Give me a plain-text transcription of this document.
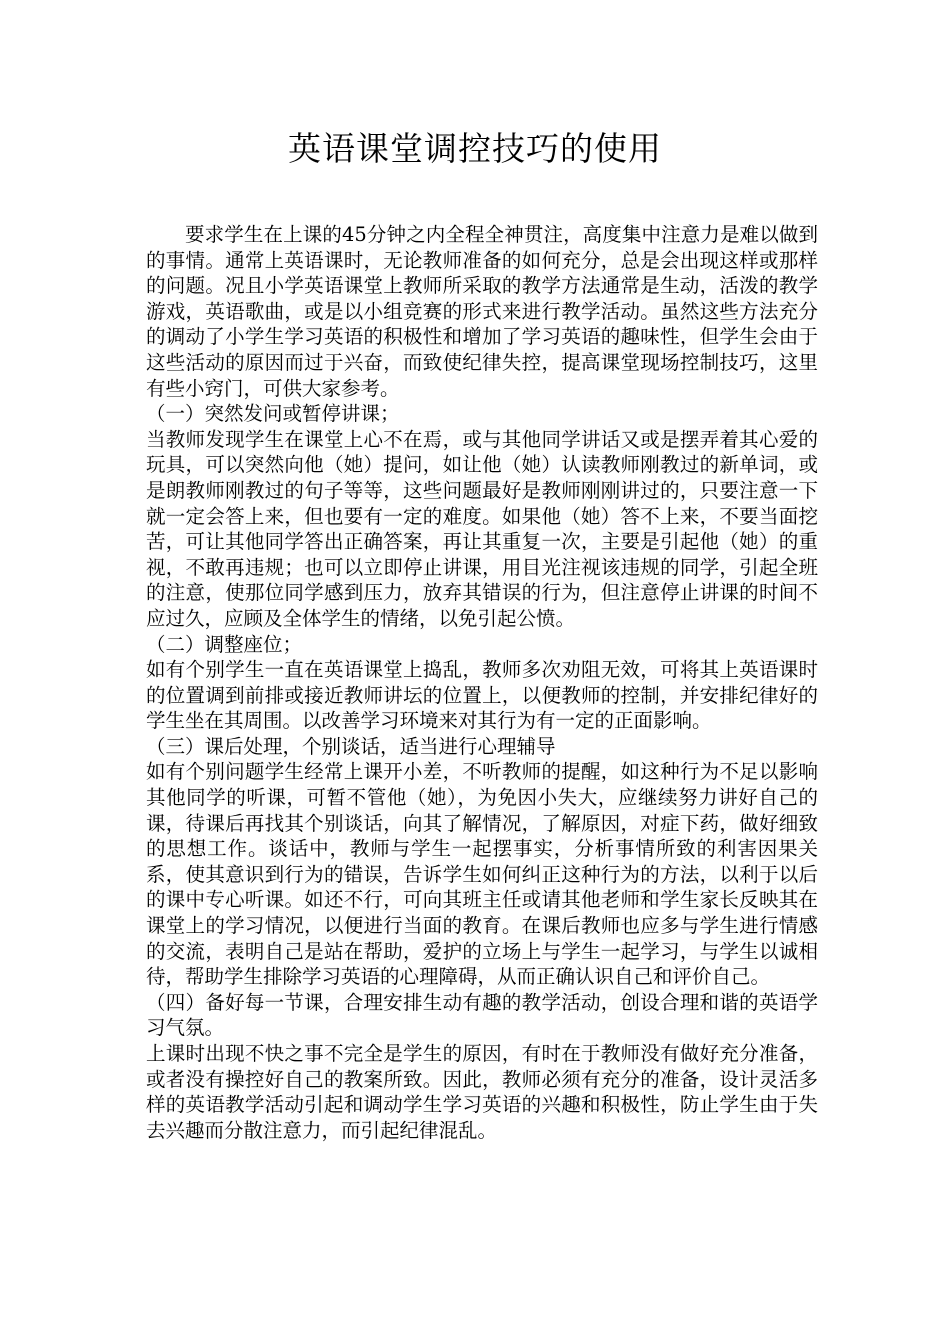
英语课堂调控技巧的使用

要求学生在上课的45分钟之内全程全神贯注，高度集中注意力是难以做到的事情。通常上英语课时，无论教师准备的如何充分，总是会出现这样或那样的问题。况且小学英语课堂上教师所采取的教学方法通常是生动，活泼的教学游戏，英语歌曲，或是以小组竞赛的形式来进行教学活动。虽然这些方法充分的调动了小学生学习英语的积极性和增加了学习英语的趣味性，但学生会由于这些活动的原因而过于兴奋，而致使纪律失控，提高课堂现场控制技巧，这里有些小窍门，可供大家参考。

（一）突然发问或暂停讲课；

当教师发现学生在课堂上心不在焉，或与其他同学讲话又或是摆弄着其心爱的玩具，可以突然向他（她）提问，如让他（她）认读教师刚教过的新单词，或是朗教师刚教过的句子等等，这些问题最好是教师刚刚讲过的，只要注意一下就一定会答上来，但也要有一定的难度。如果他（她）答不上来，不要当面挖苦，可让其他同学答出正确答案，再让其重复一次，主要是引起他（她）的重视，不敢再违规；也可以立即停止讲课，用目光注视该违规的同学，引起全班的注意，使那位同学感到压力，放弃其错误的行为，但注意停止讲课的时间不应过久，应顾及全体学生的情绪，以免引起公愤。

（二）调整座位；

如有个别学生一直在英语课堂上捣乱，教师多次劝阻无效，可将其上英语课时的位置调到前排或接近教师讲坛的位置上，以便教师的控制，并安排纪律好的学生坐在其周围。以改善学习环境来对其行为有一定的正面影响。

（三）课后处理，个别谈话，适当进行心理辅导

如有个别问题学生经常上课开小差，不听教师的提醒，如这种行为不足以影响其他同学的听课，可暂不管他（她），为免因小失大，应继续努力讲好自己的课，待课后再找其个别谈话，向其了解情况，了解原因，对症下药，做好细致的思想工作。谈话中，教师与学生一起摆事实，分析事情所致的利害因果关系，使其意识到行为的错误，告诉学生如何纠正这种行为的方法，以利于以后的课中专心听课。如还不行，可向其班主任或请其他老师和学生家长反映其在课堂上的学习情况，以便进行当面的教育。在课后教师也应多与学生进行情感的交流，表明自己是站在帮助，爱护的立场上与学生一起学习，与学生以诚相待，帮助学生排除学习英语的心理障碍，从而正确认识自己和评价自己。

（四）备好每一节课，合理安排生动有趣的教学活动，创设合理和谐的英语学习气氛。

上课时出现不快之事不完全是学生的原因，有时在于教师没有做好充分准备，或者没有操控好自己的教案所致。因此，教师必须有充分的准备，设计灵活多样的英语教学活动引起和调动学生学习英语的兴趣和积极性，防止学生由于失去兴趣而分散注意力，而引起纪律混乱。
